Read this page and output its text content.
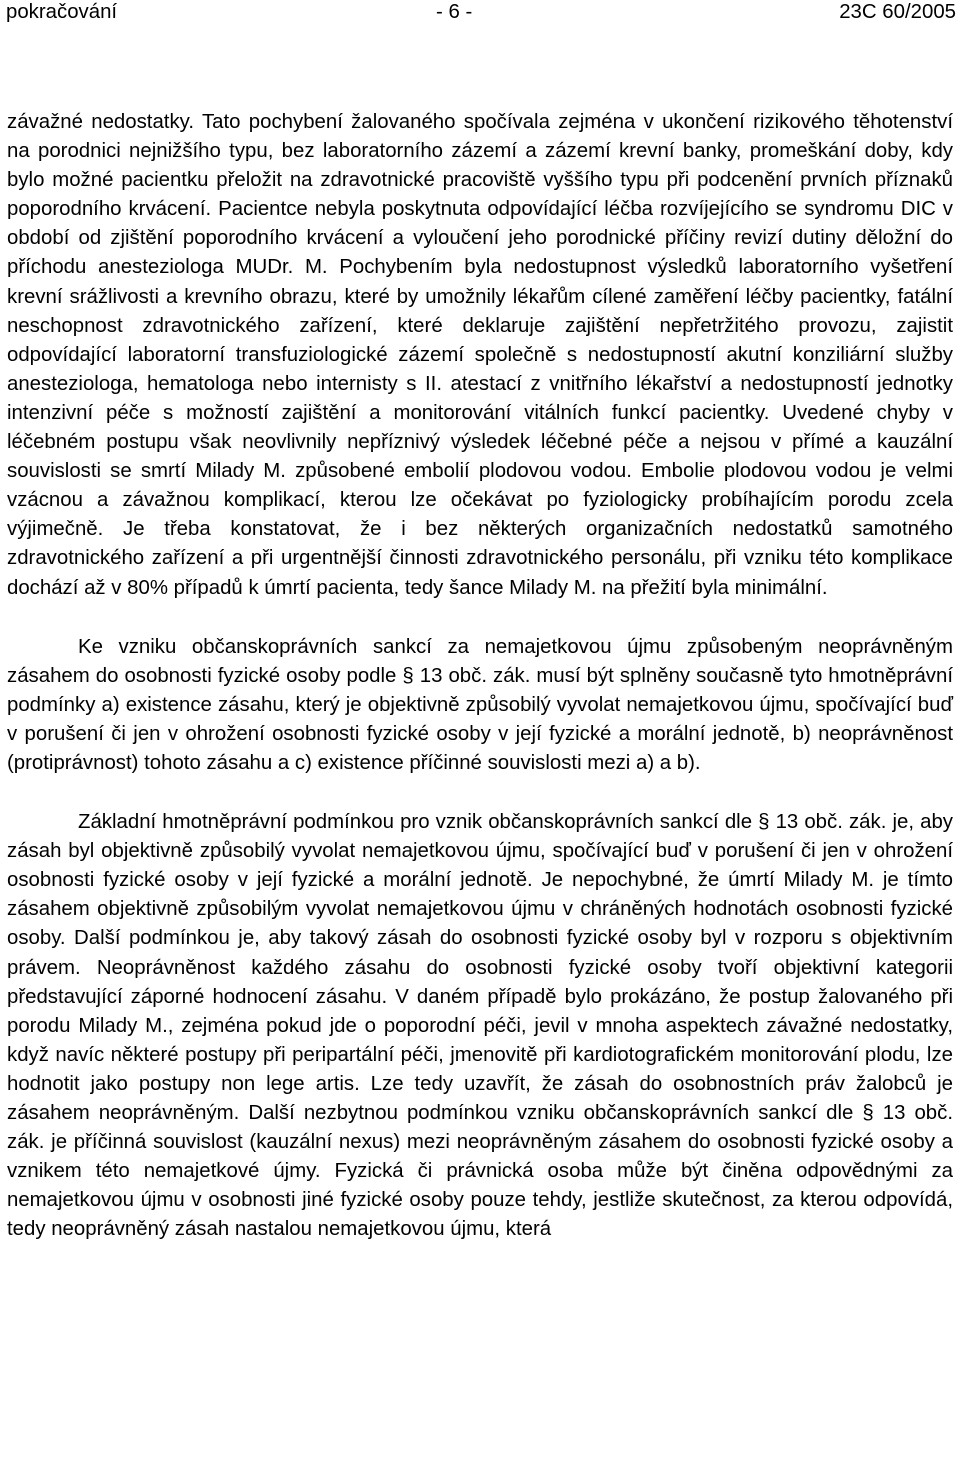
pokračování	- 6 -	23C 60/2005

závažné nedostatky. Tato pochybení žalovaného spočívala zejména v ukončení rizikového těhotenství na porodnici nejnižšího typu, bez laboratorního zázemí a zázemí krevní banky, promeškání doby, kdy bylo možné pacientku přeložit na zdravotnické pracoviště vyššího typu při podcenění prvních příznaků poporodního krvácení. Pacientce nebyla poskytnuta odpovídající léčba rozvíjejícího se syndromu DIC v období od zjištění poporodního krvácení a vyloučení jeho porodnické příčiny revizí dutiny děložní do příchodu anesteziologa MUDr. M. Pochybením byla nedostupnost výsledků laboratorního vyšetření krevní srážlivosti a krevního obrazu, které by umožnily lékařům cílené zaměření léčby pacientky, fatální neschopnost zdravotnického zařízení, které deklaruje zajištění nepřetržitého provozu, zajistit odpovídající laboratorní transfuziologické zázemí společně s nedostupností akutní konziliární služby anesteziologa, hematologa nebo internisty s II. atestací z vnitřního lékařství a nedostupností jednotky intenzivní péče s možností zajištění a monitorování vitálních funkcí pacientky. Uvedené chyby v léčebném postupu však neovlivnily nepříznivý výsledek léčebné péče a nejsou v přímé a kauzální souvislosti se smrtí Milady M. způsobené embolií plodovou vodou. Embolie plodovou vodou je velmi vzácnou a závažnou komplikací, kterou lze očekávat po fyziologicky probíhajícím porodu zcela výjimečně. Je třeba konstatovat, že i bez některých organizačních nedostatků samotného zdravotnického zařízení a při urgentnější činnosti zdravotnického personálu, při vzniku této komplikace dochází až v 80% případů k úmrtí pacienta, tedy šance Milady M. na přežití byla minimální.

Ke vzniku občanskoprávních sankcí za nemajetkovou újmu způsobeným neoprávněným zásahem do osobnosti fyzické osoby podle § 13 obč. zák. musí být splněny současně tyto hmotněprávní podmínky a) existence zásahu, který je objektivně způsobilý vyvolat nemajetkovou újmu, spočívající buď v porušení či jen v ohrožení osobnosti fyzické osoby v její fyzické a morální jednotě, b) neoprávněnost (protiprávnost) tohoto zásahu a c) existence příčinné souvislosti mezi a) a b).

Základní hmotněprávní podmínkou pro vznik občanskoprávních sankcí dle § 13 obč. zák. je, aby zásah byl objektivně způsobilý vyvolat nemajetkovou újmu, spočívající buď v porušení či jen v ohrožení osobnosti fyzické osoby v její fyzické a morální jednotě. Je nepochybné, že úmrtí Milady M. je tímto zásahem objektivně způsobilým vyvolat nemajetkovou újmu v chráněných hodnotách osobnosti fyzické osoby. Další podmínkou je, aby takový zásah do osobnosti fyzické osoby byl v rozporu s objektivním právem. Neoprávněnost každého zásahu do osobnosti fyzické osoby tvoří objektivní kategorii představující záporné hodnocení zásahu. V daném případě bylo prokázáno, že postup žalovaného při porodu Milady M., zejména pokud jde o poporodní péči, jevil v mnoha aspektech závažné nedostatky, když navíc některé postupy při peripartální péči, jmenovitě při kardiotografickém monitorování plodu, lze hodnotit jako postupy non lege artis. Lze tedy uzavřít, že zásah do osobnostních práv žalobců je zásahem neoprávněným. Další nezbytnou podmínkou vzniku občanskoprávních sankcí dle § 13 obč. zák. je příčinná souvislost (kauzální nexus) mezi neoprávněným zásahem do osobnosti fyzické osoby a vznikem této nemajetkové újmy. Fyzická či právnická osoba může být činěna odpovědnými za nemajetkovou újmu v osobnosti jiné fyzické osoby pouze tehdy, jestliže skutečnost, za kterou odpovídá, tedy neoprávněný zásah nastalou nemajetkovou újmu, která
